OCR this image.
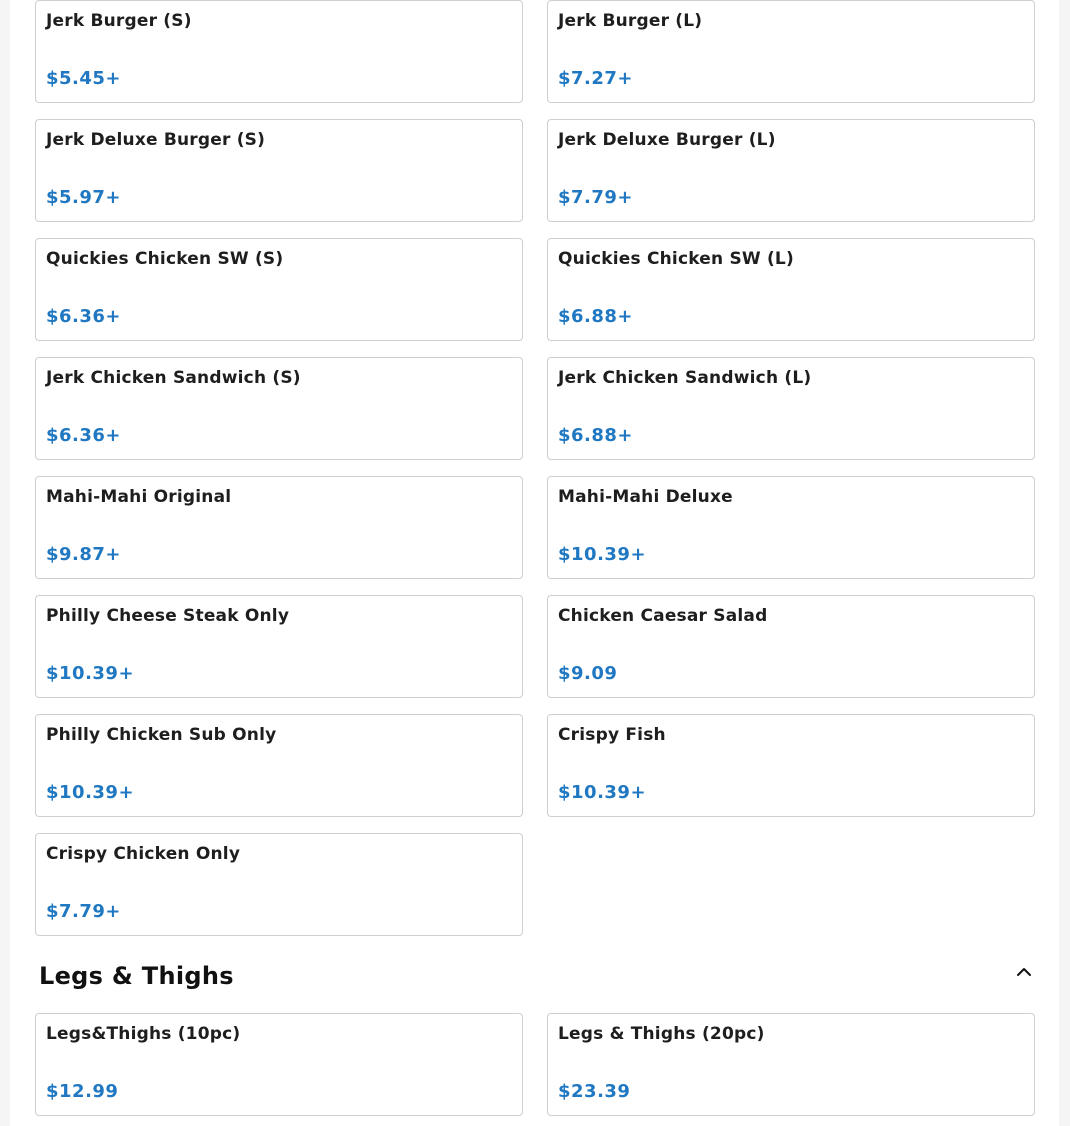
Jerk Burger (S)
$5.45+
Jerk Burger (L)
$7.27+
Jerk Deluxe Burger (S)
$5.97+
Jerk Deluxe Burger (L)
$7.79+
Quickies Chicken SW (S)
$6.36+
Quickies Chicken SW (L)
$6.88+
Jerk Chicken Sandwich (S)
$6.36+
Jerk Chicken Sandwich (L)
$6.88+
Mahi-Mahi Original
$9.87+
Mahi-Mahi Deluxe
$10.39+
Philly Cheese Steak Only
$10.39+
Chicken Caesar Salad
$9.09
Philly Chicken Sub Only
$10.39+
Crispy Fish
$10.39+
Crispy Chicken Only
$7.79+
Legs & Thighs
Legs&Thighs (10pc)
$12.99
Legs & Thighs (20pc)
$23.39
